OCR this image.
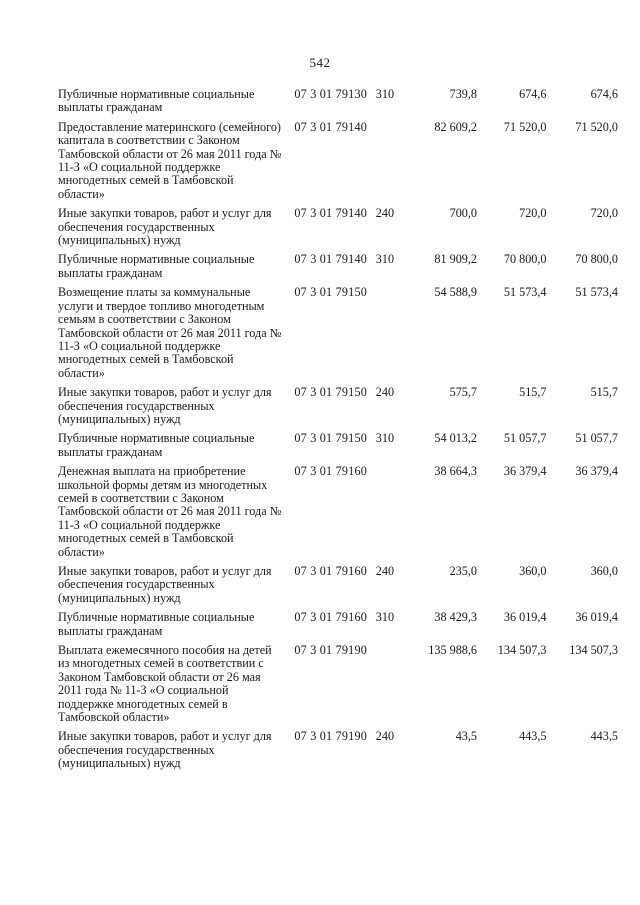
542
Публичные нормативные социальные выплаты гражданам
07 3 01 79130 310	739,8	674,6	674,6
Предоставление материнского (семейного) капитала в соответствии с Законом Тамбовской области от 26 мая 2011 года № 11-З «О социальной поддержке многодетных семей в Тамбовской области»
07 3 01 79140	82 609,2	71 520,0	71 520,0
Иные закупки товаров, работ и услуг для обеспечения государственных (муниципальных) нужд
07 3 01 79140 240	700,0	720,0	720,0
Публичные нормативные социальные выплаты гражданам
07 3 01 79140 310	81 909,2	70 800,0	70 800,0
Возмещение платы за коммунальные услуги и твердое топливо многодетным семьям в соответствии с Законом Тамбовской области от 26 мая 2011 года № 11-З «О социальной поддержке многодетных семей в Тамбовской области»
07 3 01 79150	54 588,9	51 573,4	51 573,4
Иные закупки товаров, работ и услуг для обеспечения государственных (муниципальных) нужд
07 3 01 79150 240	575,7	515,7	515,7
Публичные нормативные социальные выплаты гражданам
07 3 01 79150 310	54 013,2	51 057,7	51 057,7
Денежная выплата на приобретение школьной формы детям из многодетных семей в соответствии с Законом Тамбовской области от 26 мая 2011 года № 11-З «О социальной поддержке многодетных семей в Тамбовской области»
07 3 01 79160	38 664,3	36 379,4	36 379,4
Иные закупки товаров, работ и услуг для обеспечения государственных (муниципальных) нужд
07 3 01 79160 240	235,0	360,0	360,0
Публичные нормативные социальные выплаты гражданам
07 3 01 79160 310	38 429,3	36 019,4	36 019,4
Выплата ежемесячного пособия на детей из многодетных семей в соответствии с Законом Тамбовской области от 26 мая 2011 года № 11-З «О социальной поддержке многодетных семей в Тамбовской области»
07 3 01 79190	135 988,6	134 507,3	134 507,3
Иные закупки товаров, работ и услуг для обеспечения государственных (муниципальных) нужд
07 3 01 79190 240	43,5	443,5	443,5
